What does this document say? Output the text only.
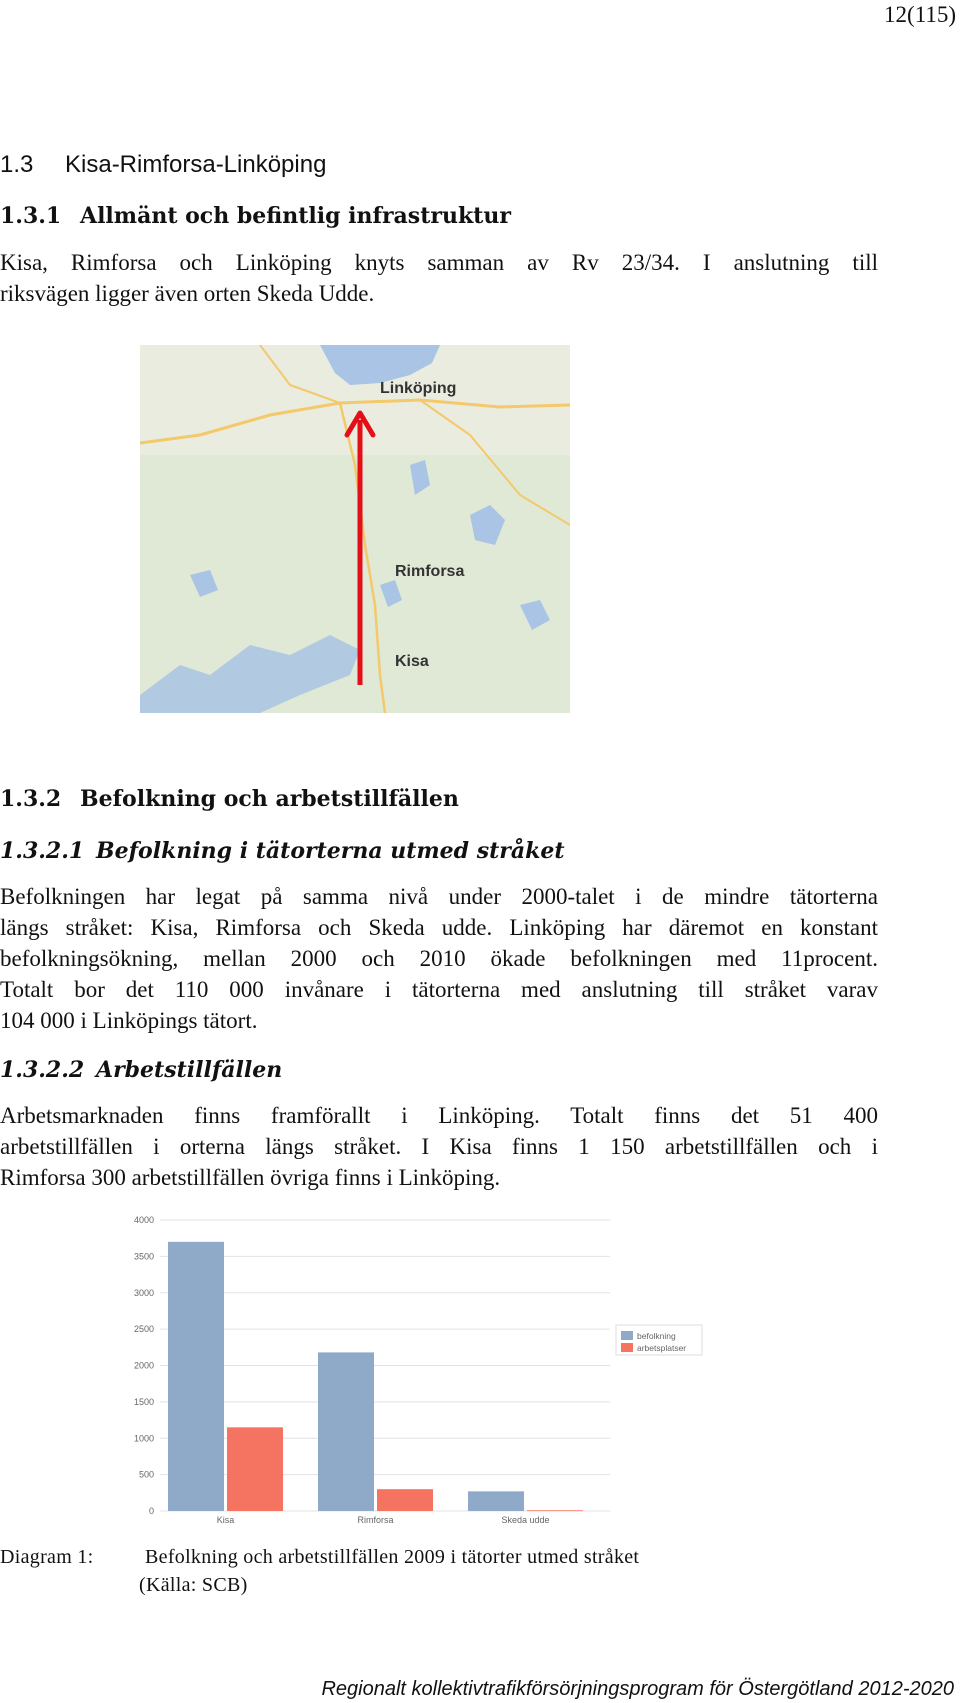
12(115)
1.3 Kisa-Rimforsa-Linköping
1.3.1 Allmänt och befintlig infrastruktur
Kisa, Rimforsa och Linköping knyts samman av Rv 23/34. I anslutning till
riksvägen ligger även orten Skeda Udde.
Linköping
Rimforsa
Kisa
1.3.2 Befolkning och arbetstillfällen
1.3.2.1 Befolkning i tätorterna utmed stråket
Befolkningen har legat på samma nivå under 2000-talet i de mindre tätorterna
längs stråket: Kisa, Rimforsa och Skeda udde. Linköping har däremot en konstant
befolkningsökning, mellan 2000 och 2010 ökade befolkningen med 11procent.
Totalt bor det 110 000 invånare i tätorterna med anslutning till stråket varav
104 000 i Linköpings tätort.
1.3.2.2 Arbetstillfällen
Arbetsmarknaden finns framförallt i Linköping. Totalt finns det 51 400
arbetstillfällen i orterna längs stråket. I Kisa finns 1 150 arbetstillfällen och i
Rimforsa 300 arbetstillfällen övriga finns i Linköping.
4000
3500
3000
2500
2000
1500
1000
500
0
Kisa	Rimforsa	Skeda udde
befolkning
arbetsplatser
Diagram 1:	Befolkning och arbetstillfällen 2009 i tätorter utmed stråket
(Källa: SCB)
Regionalt kollektivtrafikförsörjningsprogram för Östergötland 2012-2020
